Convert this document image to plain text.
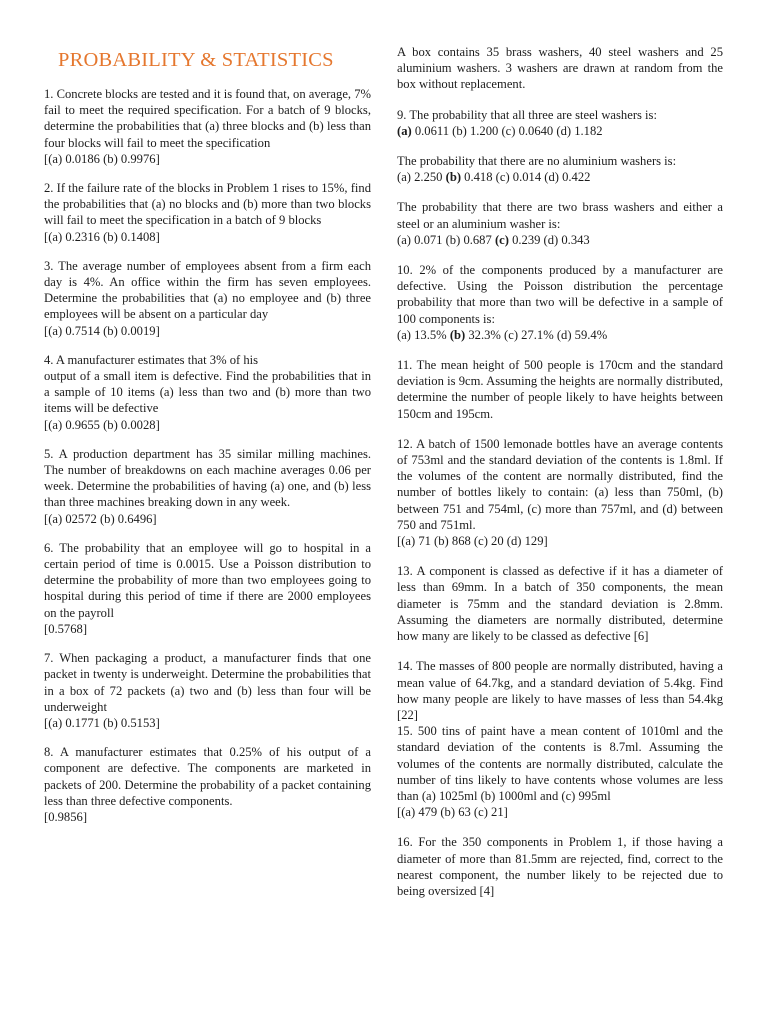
PROBABILITY & STATISTICS

1. Concrete blocks are tested and it is found that, on average, 7% fail to meet the required specification. For a batch of 9 blocks, determine the probabilities that (a) three blocks and (b) less than four blocks will fail to meet the specification

[(a) 0.0186 (b) 0.9976]

2. If the failure rate of the blocks in Problem 1 rises to 15%, find the probabilities that (a) no blocks and (b) more than two blocks will fail to meet the specification in a batch of 9 blocks

[(a) 0.2316 (b) 0.1408]

3. The average number of employees absent from a firm each day is 4%. An office within the firm has seven employees. Determine the probabilities that (a) no employee and (b) three employees will be absent on a particular day

[(a) 0.7514 (b) 0.0019]

4. A manufacturer estimates that 3% of his

output of a small item is defective. Find the probabilities that in a sample of 10 items (a) less than two and (b) more than two items will be defective

[(a) 0.9655 (b) 0.0028]

5. A production department has 35 similar milling machines. The number of breakdowns on each machine averages 0.06 per week. Determine the probabilities of having (a) one, and (b) less than three machines breaking down in any week.

[(a) 02572 (b) 0.6496]

6. The probability that an employee will go to hospital in a certain period of time is 0.0015. Use a Poisson distribution to determine the probability of more than two employees going to hospital during this period of time if there are 2000 employees on the payroll

[0.5768]

7. When packaging a product, a manufacturer finds that one packet in twenty is underweight. Determine the probabilities that in a box of 72 packets (a) two and (b) less than four will be underweight

[(a) 0.1771 (b) 0.5153]

8. A manufacturer estimates that 0.25% of his output of a component are defective. The components are marketed in packets of 200. Determine the probability of a packet containing less than three defective components.

[0.9856]

A box contains 35 brass washers, 40 steel washers and 25 aluminium washers. 3 washers are drawn at random from the box without replacement.

9. The probability that all three are steel washers is:

(a) 0.0611 (b) 1.200 (c) 0.0640 (d) 1.182

The probability that there are no aluminium washers is:

(a) 2.250 (b) 0.418 (c) 0.014 (d) 0.422

The probability that there are two brass washers and either a steel or an aluminium washer is:

(a) 0.071 (b) 0.687 (c) 0.239 (d) 0.343

10. 2% of the components produced by a manufacturer are defective. Using the Poisson distribution the percentage probability that more than two will be defective in a sample of 100 components is:

(a) 13.5% (b) 32.3% (c) 27.1% (d) 59.4%

11. The mean height of 500 people is 170cm and the standard deviation is 9cm. Assuming the heights are normally distributed, determine the number of people likely to have heights between 150cm and 195cm.

12. A batch of 1500 lemonade bottles have an average contents of 753ml and the standard deviation of the contents is 1.8ml. If the volumes of the content are normally distributed, find the number of bottles likely to contain: (a) less than 750ml, (b) between 751 and 754ml, (c) more than 757ml, and (d) between 750 and 751ml.

[(a) 71 (b) 868 (c) 20 (d) 129]

13. A component is classed as defective if it has a diameter of less than 69mm. In a batch of 350 components, the mean diameter is 75mm and the standard deviation is 2.8mm. Assuming the diameters are normally distributed, determine how many are likely to be classed as defective [6]

14. The masses of 800 people are normally distributed, having a mean value of 64.7kg, and a standard deviation of 5.4kg. Find how many people are likely to have masses of less than 54.4kg [22]

15. 500 tins of paint have a mean content of 1010ml and the standard deviation of the contents is 8.7ml. Assuming the volumes of the contents are normally distributed, calculate the number of tins likely to have contents whose volumes are less than (a) 1025ml (b) 1000ml and (c) 995ml

[(a) 479 (b) 63 (c) 21]

16. For the 350 components in Problem 1, if those having a diameter of more than 81.5mm are rejected, find, correct to the nearest component, the number likely to be rejected due to being oversized [4]
